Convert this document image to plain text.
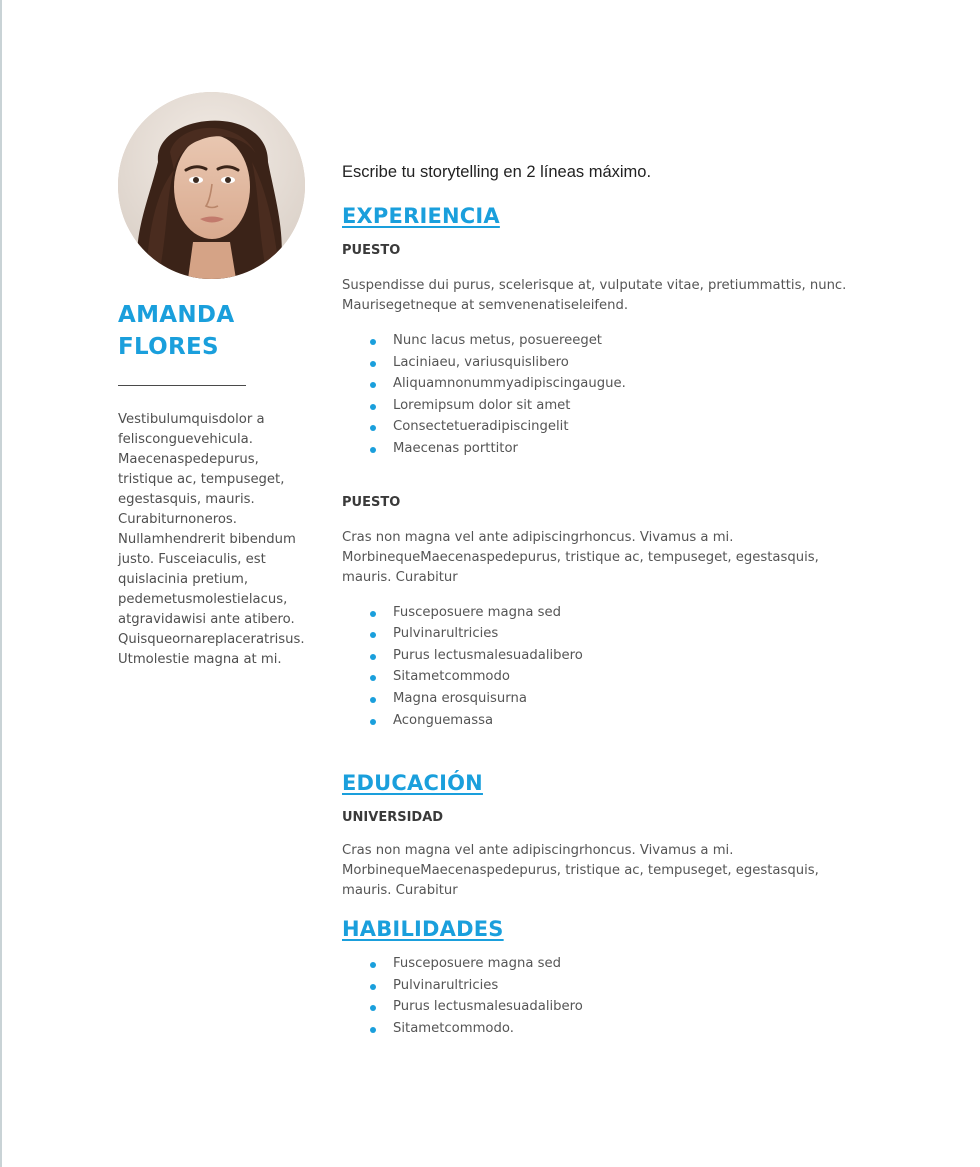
AMANDA
FLORES
Vestibulumquisdolor a
felisconguevehicula.
Maecenaspedepurus,
tristique ac, tempuseget,
egestasquis, mauris.
Curabiturnoneros.
Nullamhendrerit bibendum
justo. Fusceiaculis, est
quislacinia pretium,
pedemetusmolestielacus,
atgravidawisi ante atibero.
Quisqueornareplaceratrisus.
Utmolestie magna at mi.
Escribe tu storytelling en 2 líneas máximo.
EXPERIENCIA
PUESTO
Suspendisse dui purus, scelerisque at, vulputate vitae, pretiummattis, nunc.
Maurisegetneque at semvenenatiseleifend.
Nunc lacus metus, posuereeget
Laciniaeu, variusquislibero
Aliquamnonummyadipiscingaugue.
Loremipsum dolor sit amet
Consectetueradipiscingelit
Maecenas porttitor
PUESTO
Cras non magna vel ante adipiscingrhoncus. Vivamus a mi.
MorbinequeMaecenaspedepurus, tristique ac, tempuseget, egestasquis,
mauris. Curabitur
Fusceposuere magna sed
Pulvinarultricies
Purus lectusmalesuadalibero
Sitametcommodo
Magna erosquisurna
Aconguemassa
EDUCACIÓN
UNIVERSIDAD
Cras non magna vel ante adipiscingrhoncus. Vivamus a mi.
MorbinequeMaecenaspedepurus, tristique ac, tempuseget, egestasquis,
mauris. Curabitur
HABILIDADES
Fusceposuere magna sed
Pulvinarultricies
Purus lectusmalesuadalibero
Sitametcommodo.
